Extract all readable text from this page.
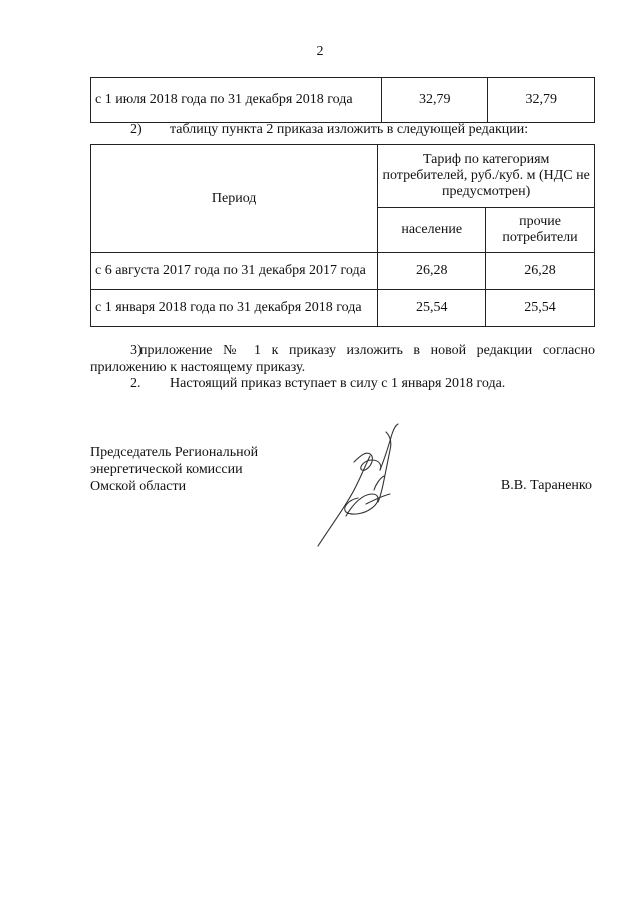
2
с 1 июля 2018 года по 31 декабря 2018 года	32,79	32,79
2) таблицу пункта 2 приказа изложить в следующей редакции:
Период	Тариф по категориям потребителей, руб./куб. м (НДС не предусмотрен)	
	население	прочие потребители
с 6 августа 2017 года по 31 декабря 2017 года	26,28	26,28
с 1 января 2018 года по 31 декабря 2018 года	25,54	25,54
3)приложение № 1 к приказу изложить в новой редакции согласно приложению к настоящему приказу.
2. Настоящий приказ вступает в силу с 1 января 2018 года.
Председатель Региональной
энергетической комиссии
Омской области	В.В. Тараненко
